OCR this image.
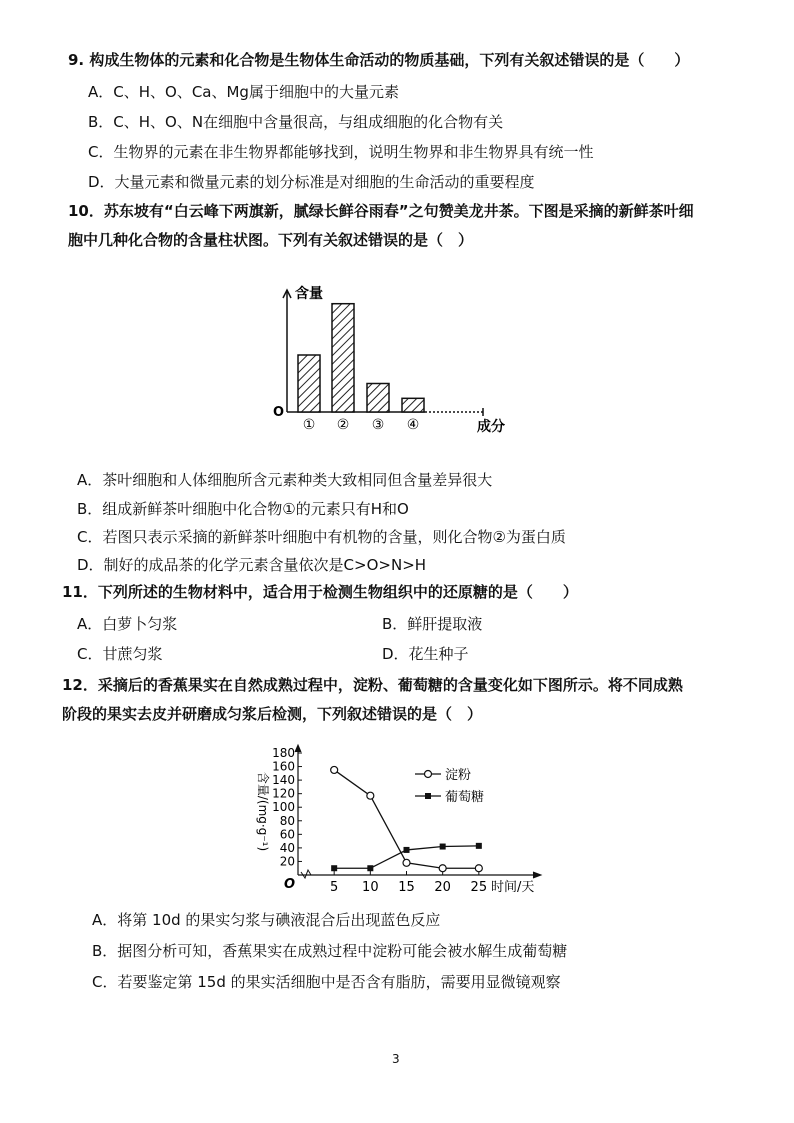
9. 构成生物体的元素和化合物是生物体生命活动的物质基础，下列有关叙述错误的是（　　）
A．C、H、O、Ca、Mg属于细胞中的大量元素
B．C、H、O、N在细胞中含量很高，与组成细胞的化合物有关
C．生物界的元素在非生物界都能够找到，说明生物界和非生物界具有统一性
D．大量元素和微量元素的划分标准是对细胞的生命活动的重要程度
10．苏东坡有“白云峰下两旗新，腻绿长鲜谷雨春”之句赞美龙井茶。下图是采摘的新鲜茶叶细
胞中几种化合物的含量柱状图。下列有关叙述错误的是（　）
O
含量
成分
① ② ③ ④
A．茶叶细胞和人体细胞所含元素种类大致相同但含量差异很大
B．组成新鲜茶叶细胞中化合物①的元素只有H和O
C．若图只表示采摘的新鲜茶叶细胞中有机物的含量，则化合物②为蛋白质
D．制好的成品茶的化学元素含量依次是C>O>N>H
11．下列所述的生物材料中，适合用于检测生物组织中的还原糖的是（　　）
A．白萝卜匀浆	B．鲜肝提取液
C．甘蔗匀浆	D．花生种子
12．采摘后的香蕉果实在自然成熟过程中，淀粉、葡萄糖的含量变化如下图所示。将不同成熟
阶段的果实去皮并研磨成匀浆后检测，下列叙述错误的是（　）
O
20
40
60
80
100
120
140
160
180
含量/(mg·g⁻¹)
5 10 15 20 25 时间/天
淀粉
葡萄糖
A．将第 10d 的果实匀浆与碘液混合后出现蓝色反应
B．据图分析可知，香蕉果实在成熟过程中淀粉可能会被水解生成葡萄糖
C．若要鉴定第 15d 的果实活细胞中是否含有脂肪，需要用显微镜观察
3
